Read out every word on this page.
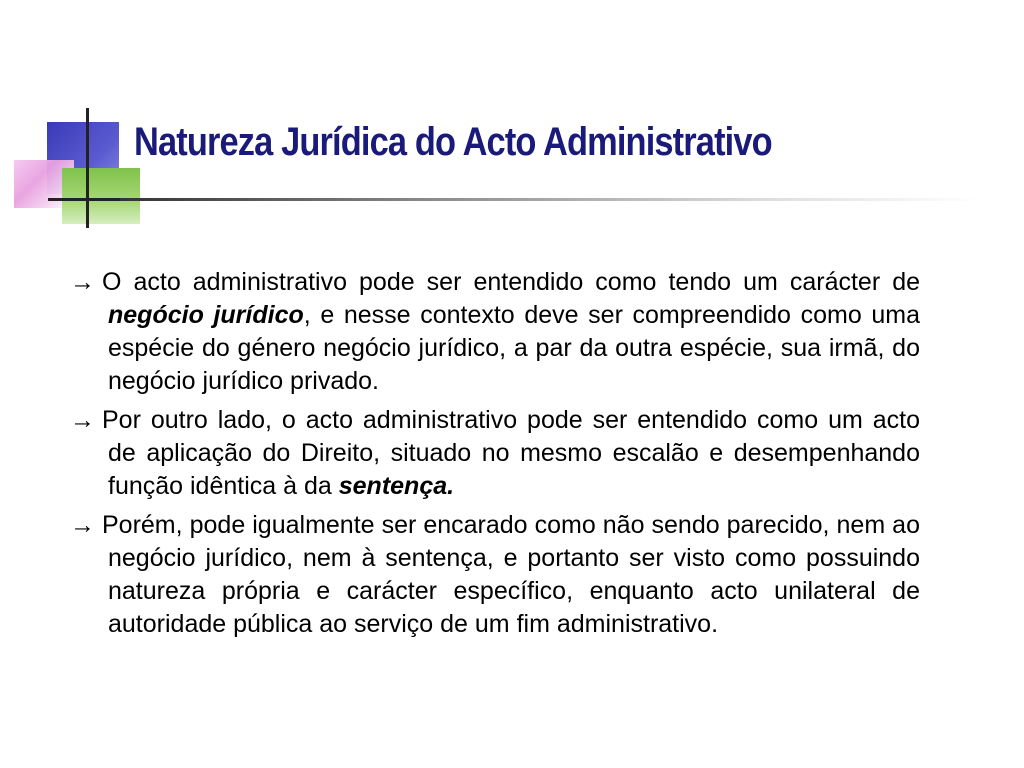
Natureza Jurídica do Acto Administrativo

→ O acto administrativo pode ser entendido como tendo um carácter de negócio jurídico, e nesse contexto deve ser compreendido como uma espécie do género negócio jurídico, a par da outra espécie, sua irmã, do negócio jurídico privado.

→ Por outro lado, o acto administrativo pode ser entendido como um acto de aplicação do Direito, situado no mesmo escalão e desempenhando função idêntica à da sentença.

→ Porém, pode igualmente ser encarado como não sendo parecido, nem ao negócio jurídico, nem à sentença, e portanto ser visto como possuindo natureza própria e carácter específico, enquanto acto unilateral de autoridade pública ao serviço de um fim administrativo.
